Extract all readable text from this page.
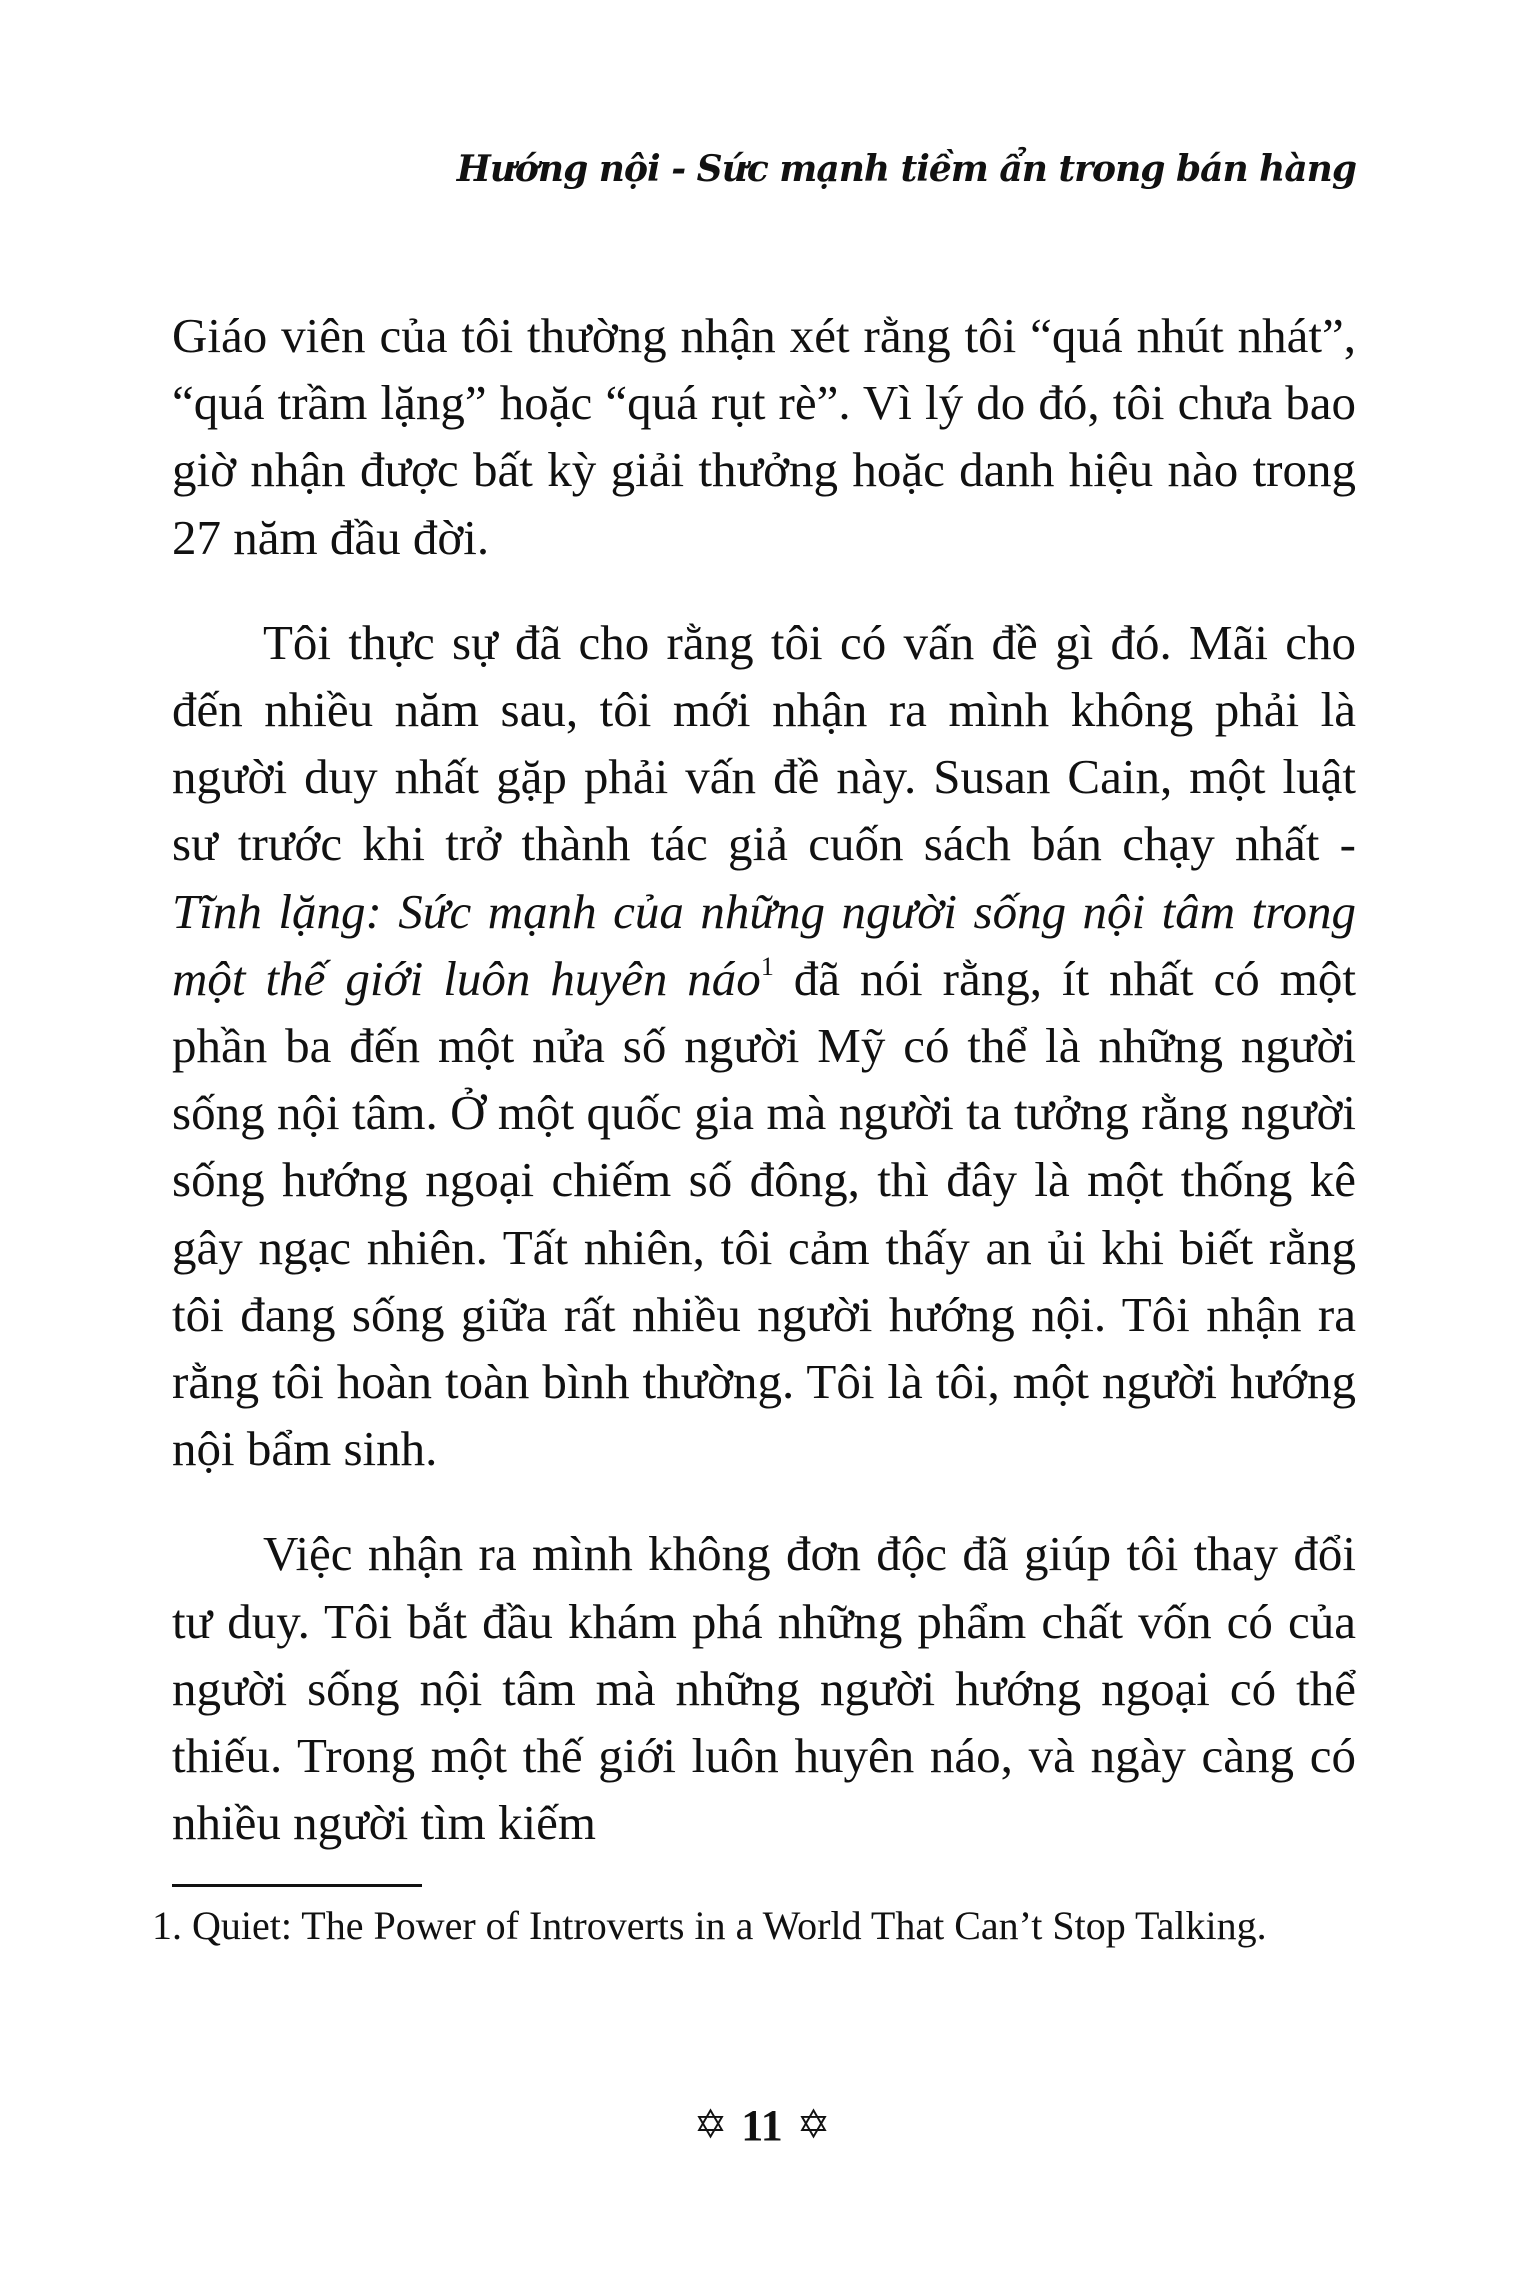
Hướng nội - Sức mạnh tiềm ẩn trong bán hàng

Giáo viên của tôi thường nhận xét rằng tôi “quá nhút nhát”, “quá trầm lặng” hoặc “quá rụt rè”. Vì lý do đó, tôi chưa bao giờ nhận được bất kỳ giải thưởng hoặc danh hiệu nào trong 27 năm đầu đời.

Tôi thực sự đã cho rằng tôi có vấn đề gì đó. Mãi cho đến nhiều năm sau, tôi mới nhận ra mình không phải là người duy nhất gặp phải vấn đề này. Susan Cain, một luật sư trước khi trở thành tác giả cuốn sách bán chạy nhất - Tĩnh lặng: Sức mạnh của những người sống nội tâm trong một thế giới luôn huyên náo$^1$ đã nói rằng, ít nhất có một phần ba đến một nửa số người Mỹ có thể là những người sống nội tâm. Ở một quốc gia mà người ta tưởng rằng người sống hướng ngoại chiếm số đông, thì đây là một thống kê gây ngạc nhiên. Tất nhiên, tôi cảm thấy an ủi khi biết rằng tôi đang sống giữa rất nhiều người hướng nội. Tôi nhận ra rằng tôi hoàn toàn bình thường. Tôi là tôi, một người hướng nội bẩm sinh.

Việc nhận ra mình không đơn độc đã giúp tôi thay đổi tư duy. Tôi bắt đầu khám phá những phẩm chất vốn có của người sống nội tâm mà những người hướng ngoại có thể thiếu. Trong một thế giới luôn huyên náo, và ngày càng có nhiều người tìm kiếm

1. Quiet: The Power of Introverts in a World That Can’t Stop Talking.
✡ 11 ✡
